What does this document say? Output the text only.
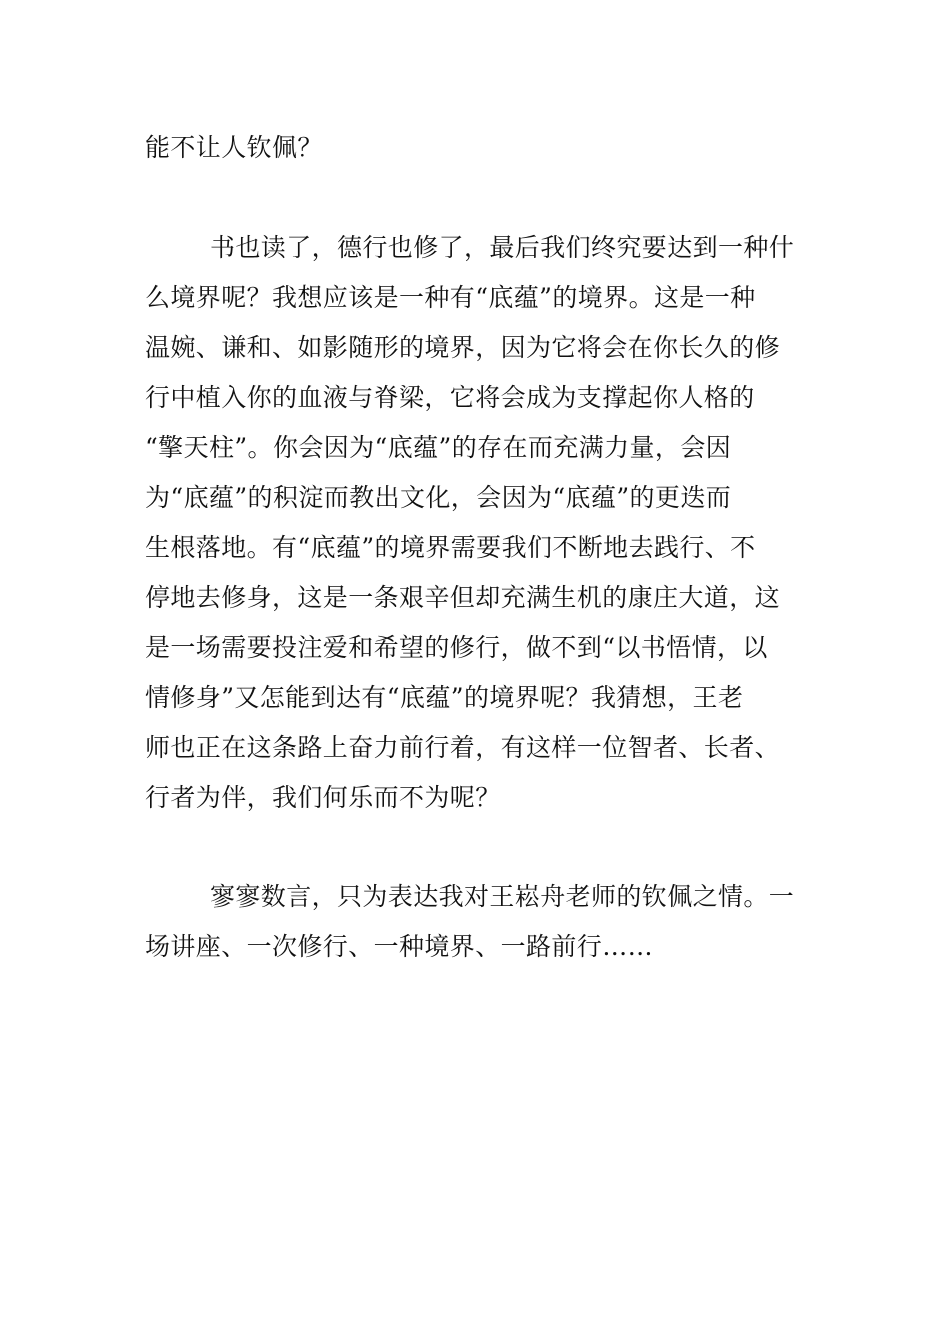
能不让人钦佩？

书也读了，德行也修了，最后我们终究要达到一种什

么境界呢？我想应该是一种有“底蕴”的境界。这是一种

温婉、谦和、如影随形的境界，因为它将会在你长久的修

行中植入你的血液与脊梁，它将会成为支撑起你人格的

“擎天柱”。你会因为“底蕴”的存在而充满力量，会因

为“底蕴”的积淀而教出文化，会因为“底蕴”的更迭而

生根落地。有“底蕴”的境界需要我们不断地去践行、不

停地去修身，这是一条艰辛但却充满生机的康庄大道，这

是一场需要投注爱和希望的修行，做不到“以书悟情，以

情修身”又怎能到达有“底蕴”的境界呢？我猜想，王老

师也正在这条路上奋力前行着，有这样一位智者、长者、

行者为伴，我们何乐而不为呢？

寥寥数言，只为表达我对王崧舟老师的钦佩之情。一

场讲座、一次修行、一种境界、一路前行……
